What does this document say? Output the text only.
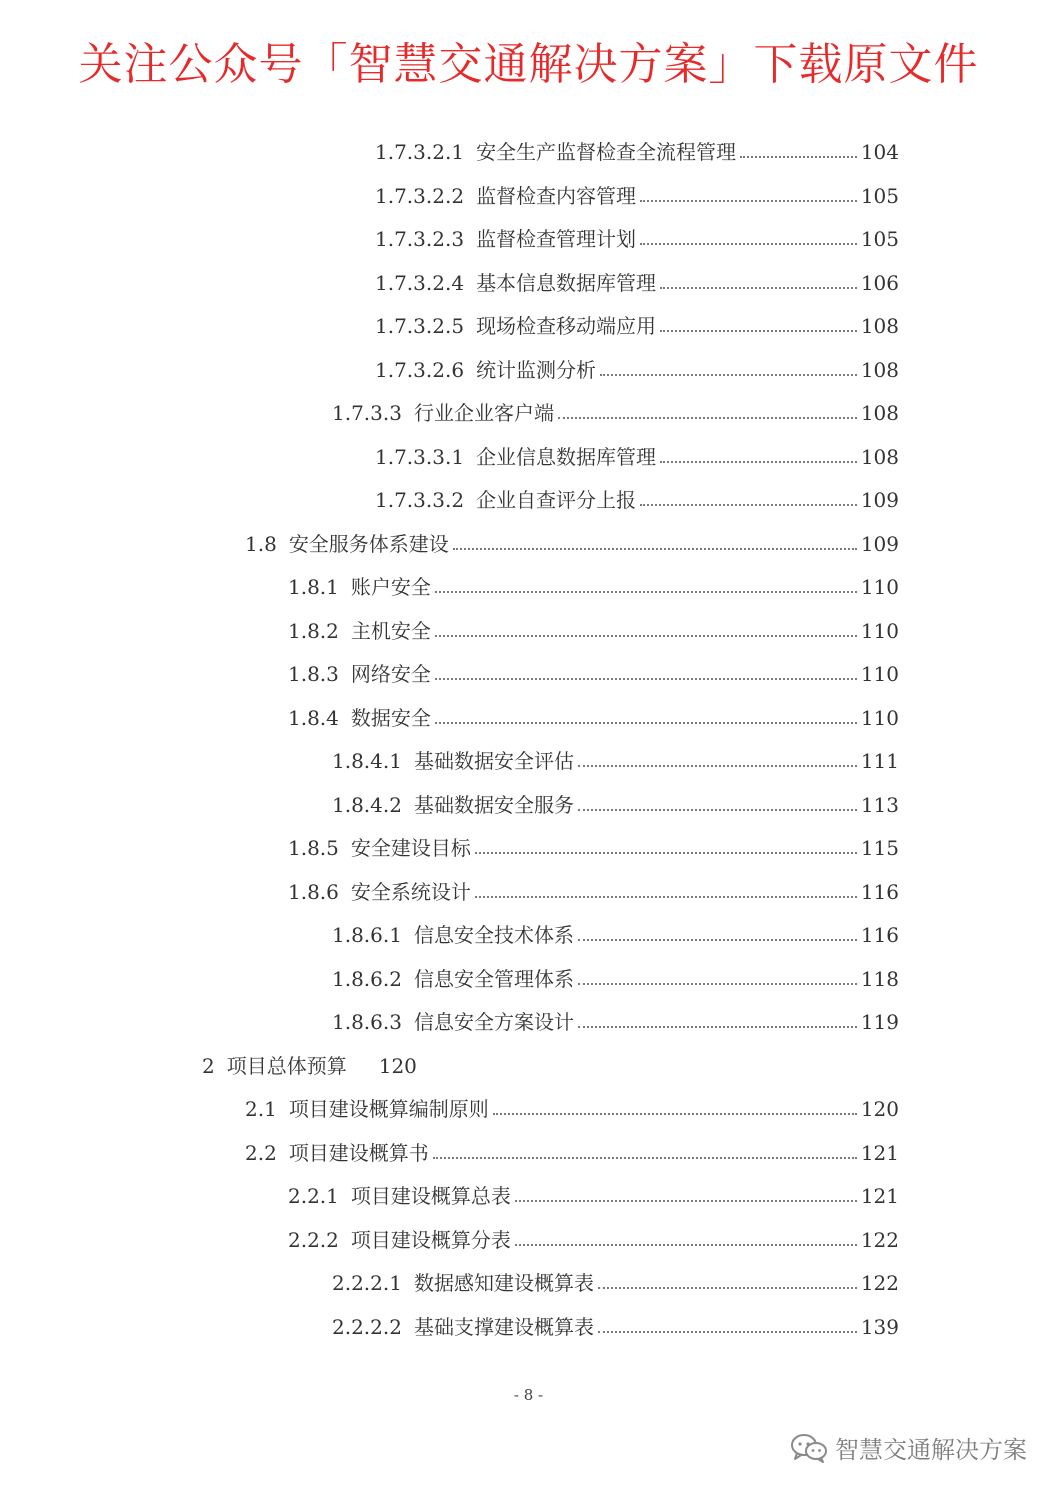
关注公众号「智慧交通解决方案」下载原文件
1.7.3.2.1 安全生产监督检查全流程管理	104
1.7.3.2.2 监督检查内容管理	105
1.7.3.2.3 监督检查管理计划	105
1.7.3.2.4 基本信息数据库管理	106
1.7.3.2.5 现场检查移动端应用	108
1.7.3.2.6 统计监测分析	108
1.7.3.3 行业企业客户端	108
1.7.3.3.1 企业信息数据库管理	108
1.7.3.3.2 企业自查评分上报	109
1.8 安全服务体系建设	109
1.8.1 账户安全	110
1.8.2 主机安全	110
1.8.3 网络安全	110
1.8.4 数据安全	110
1.8.4.1 基础数据安全评估	111
1.8.4.2 基础数据安全服务	113
1.8.5 安全建设目标	115
1.8.6 安全系统设计	116
1.8.6.1 信息安全技术体系	116
1.8.6.2 信息安全管理体系	118
1.8.6.3 信息安全方案设计	119
2 项目总体预算 120
2.1 项目建设概算编制原则	120
2.2 项目建设概算书	121
2.2.1 项目建设概算总表	121
2.2.2 项目建设概算分表	122
2.2.2.1 数据感知建设概算表	122
2.2.2.2 基础支撑建设概算表	139
- 8 -
智慧交通解决方案
